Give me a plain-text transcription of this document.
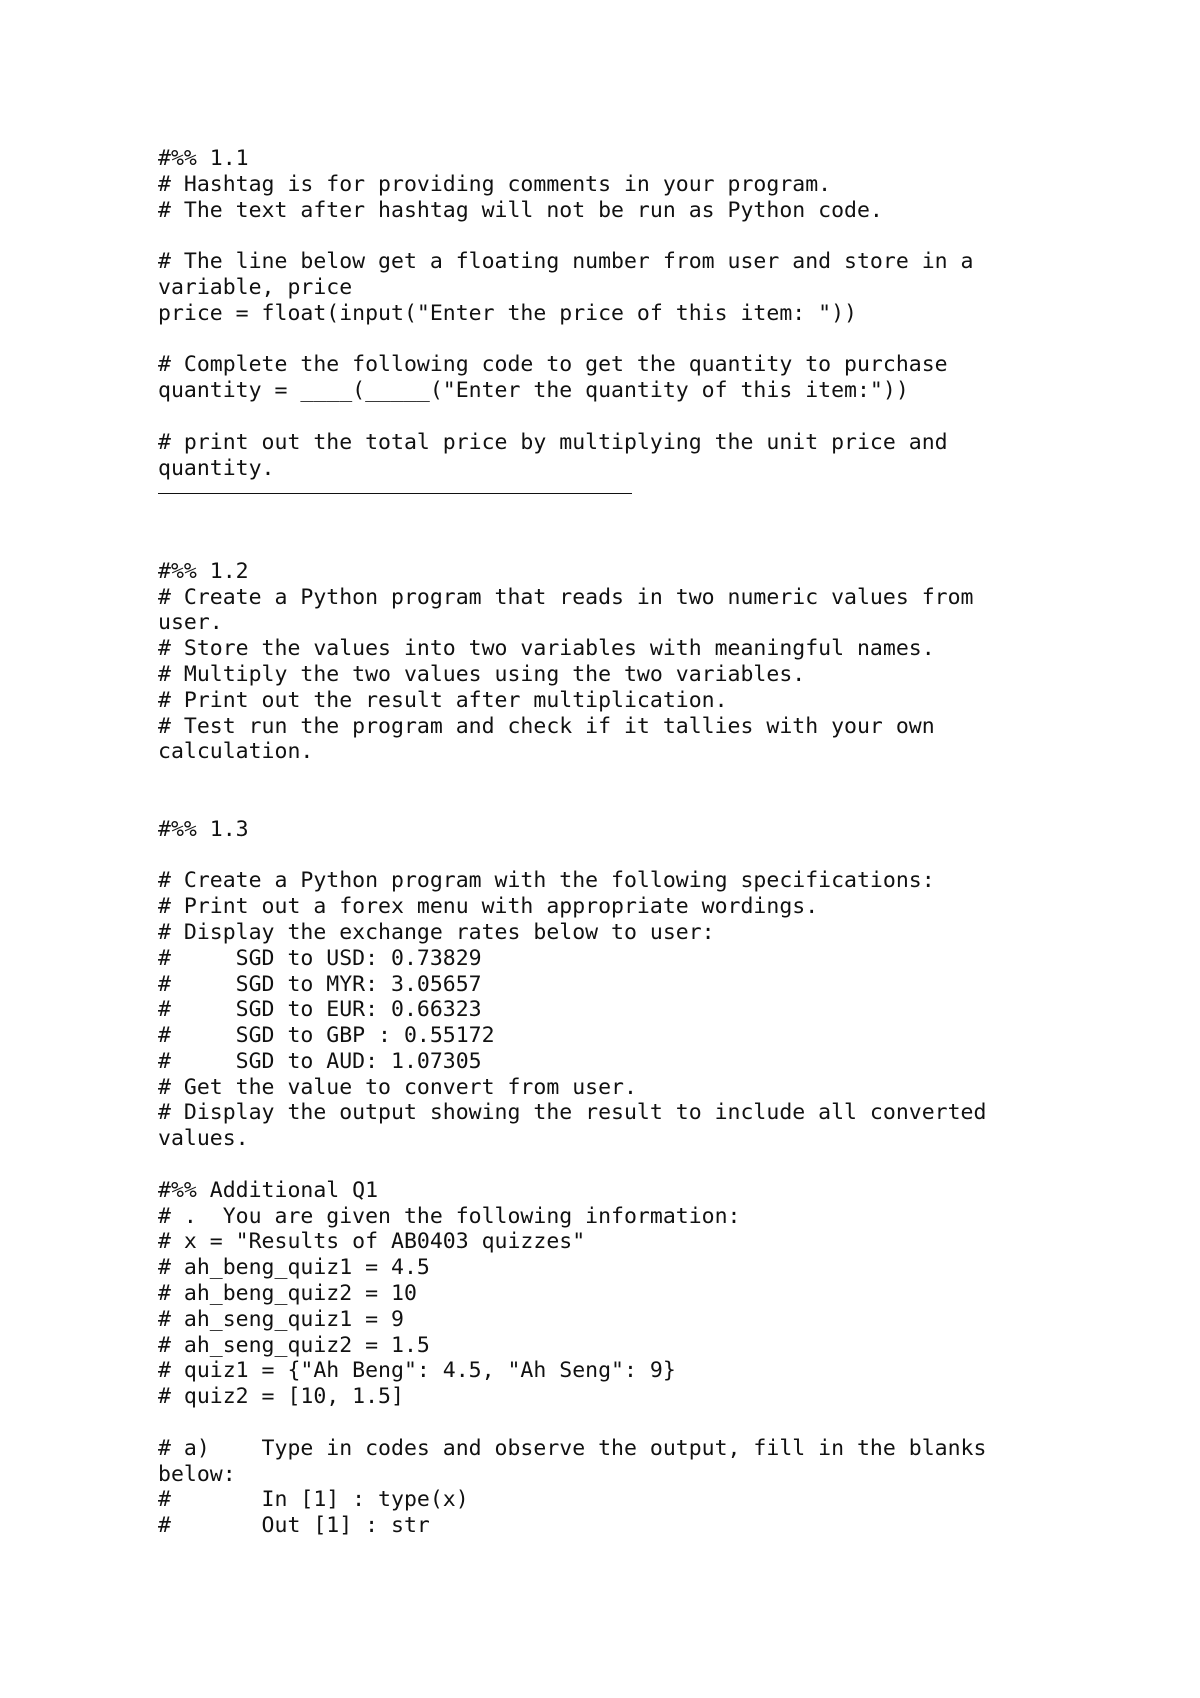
#%% 1.1
# Hashtag is for providing comments in your program.
# The text after hashtag will not be run as Python code.
# The line below get a floating number from user and store in a
variable, price
price = float(input("Enter the price of this item: "))
# Complete the following code to get the quantity to purchase
quantity = ____(_____("Enter the quantity of this item:"))
# print out the total price by multiplying the unit price and
quantity.
#%% 1.2
# Create a Python program that reads in two numeric values from
user.
# Store the values into two variables with meaningful names.
# Multiply the two values using the two variables.
# Print out the result after multiplication.
# Test run the program and check if it tallies with your own
calculation.
#%% 1.3
# Create a Python program with the following specifications:
# Print out a forex menu with appropriate wordings.
# Display the exchange rates below to user:
#     SGD to USD: 0.73829
#     SGD to MYR: 3.05657
#     SGD to EUR: 0.66323
#     SGD to GBP : 0.55172
#     SGD to AUD: 1.07305
# Get the value to convert from user.
# Display the output showing the result to include all converted
values.
#%% Additional Q1
# .  You are given the following information:
# x = "Results of AB0403 quizzes"
# ah_beng_quiz1 = 4.5
# ah_beng_quiz2 = 10
# ah_seng_quiz1 = 9
# ah_seng_quiz2 = 1.5
# quiz1 = {"Ah Beng": 4.5, "Ah Seng": 9}
# quiz2 = [10, 1.5]
# a)    Type in codes and observe the output, fill in the blanks
below:
#       In [1] : type(x)
#       Out [1] : str
